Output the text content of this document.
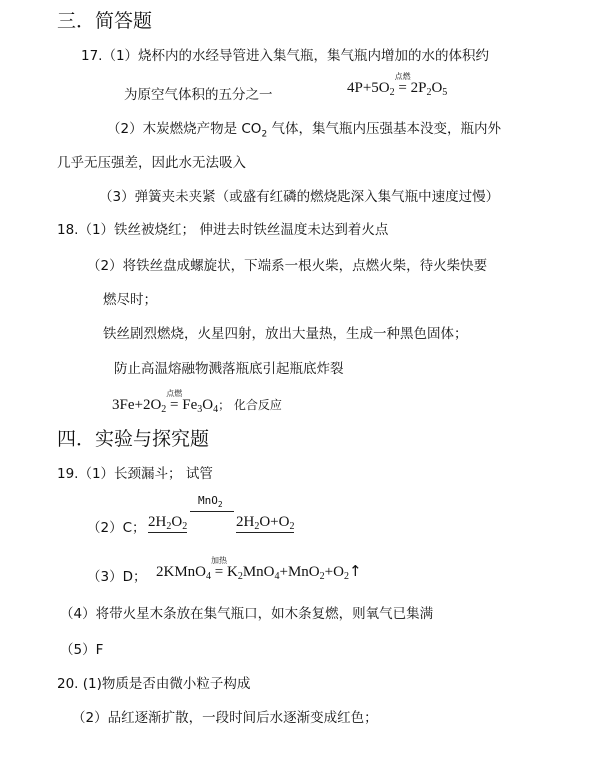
三．简答题
17.（1）烧杯内的水经导管进入集气瓶，集气瓶内增加的水的体积约
为原空气体积的五分之一	$4P+5O_2$
点燃
= $2P_2O_5$
（2）木炭燃烧产物是 $CO_2$ 气体，集气瓶内压强基本没变，瓶内外
几乎无压强差，因此水无法吸入
（3）弹簧夹未夹紧（或盛有红磷的燃烧匙深入集气瓶中速度过慢）
18.（1）铁丝被烧红； 伸进去时铁丝温度未达到着火点
（2）将铁丝盘成螺旋状，下端系一根火柴，点燃火柴，待火柴快要
燃尽时；
铁丝剧烈燃烧，火星四射，放出大量热，生成一种黑色固体；
防止高温熔融物溅落瓶底引起瓶底炸裂
$3Fe+2O_2$
点燃
= $Fe_3O_4$； 化合反应
四．实验与探究题
19.（1）长颈漏斗； 试管
（2）C； $2H_2O_2$
MnO$_2$
$2H_2O+O_2$
（3）D； 2KMnO$_4$
加热
= $K_2MnO_4+MnO_2+O_2↑$
（4）将带火星木条放在集气瓶口，如木条复燃，则氧气已集满
（5）F
20. (1)物质是否由微小粒子构成
（2）品红逐渐扩散，一段时间后水逐渐变成红色；
